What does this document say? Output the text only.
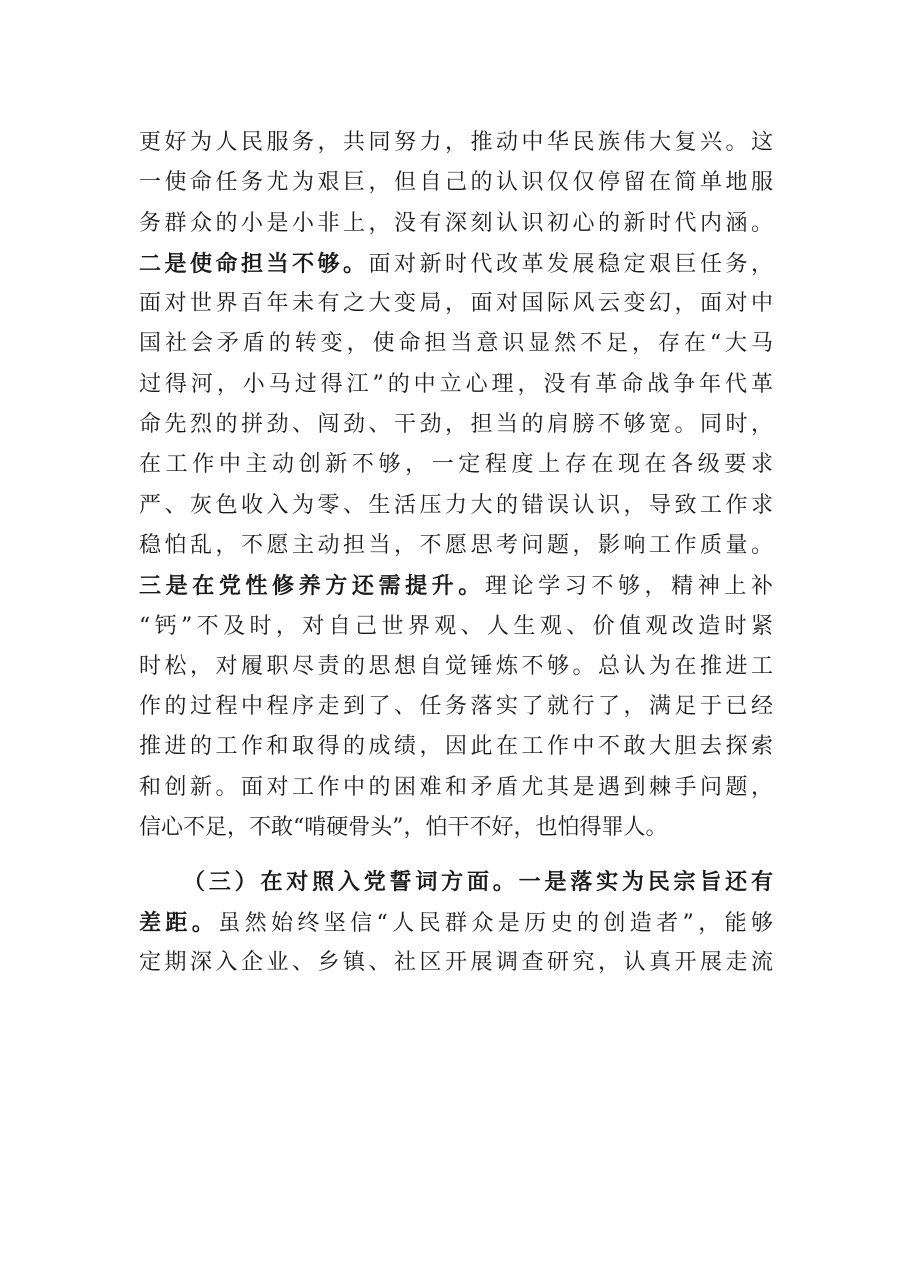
更好为人民服务，共同努力，推动中华民族伟大复兴。这
一使命任务尤为艰巨，但自己的认识仅仅停留在简单地服
务群众的小是小非上，没有深刻认识初心的新时代内涵。
二是使命担当不够。面对新时代改革发展稳定艰巨任务，
面对世界百年未有之大变局，面对国际风云变幻，面对中
国社会矛盾的转变，使命担当意识显然不足，存在“大马
过得河，小马过得江”的中立心理，没有革命战争年代革
命先烈的拼劲、闯劲、干劲，担当的肩膀不够宽。同时，
在工作中主动创新不够，一定程度上存在现在各级要求
严、灰色收入为零、生活压力大的错误认识，导致工作求
稳怕乱，不愿主动担当，不愿思考问题，影响工作质量。
三是在党性修养方还需提升。理论学习不够，精神上补
“钙”不及时，对自己世界观、人生观、价值观改造时紧
时松，对履职尽责的思想自觉锤炼不够。总认为在推进工
作的过程中程序走到了、任务落实了就行了，满足于已经
推进的工作和取得的成绩，因此在工作中不敢大胆去探索
和创新。面对工作中的困难和矛盾尤其是遇到棘手问题，
信心不足，不敢“啃硬骨头”，怕干不好，也怕得罪人。
（三）在对照入党誓词方面。一是落实为民宗旨还有
差距。虽然始终坚信“人民群众是历史的创造者”，能够
定期深入企业、乡镇、社区开展调查研究，认真开展走流
